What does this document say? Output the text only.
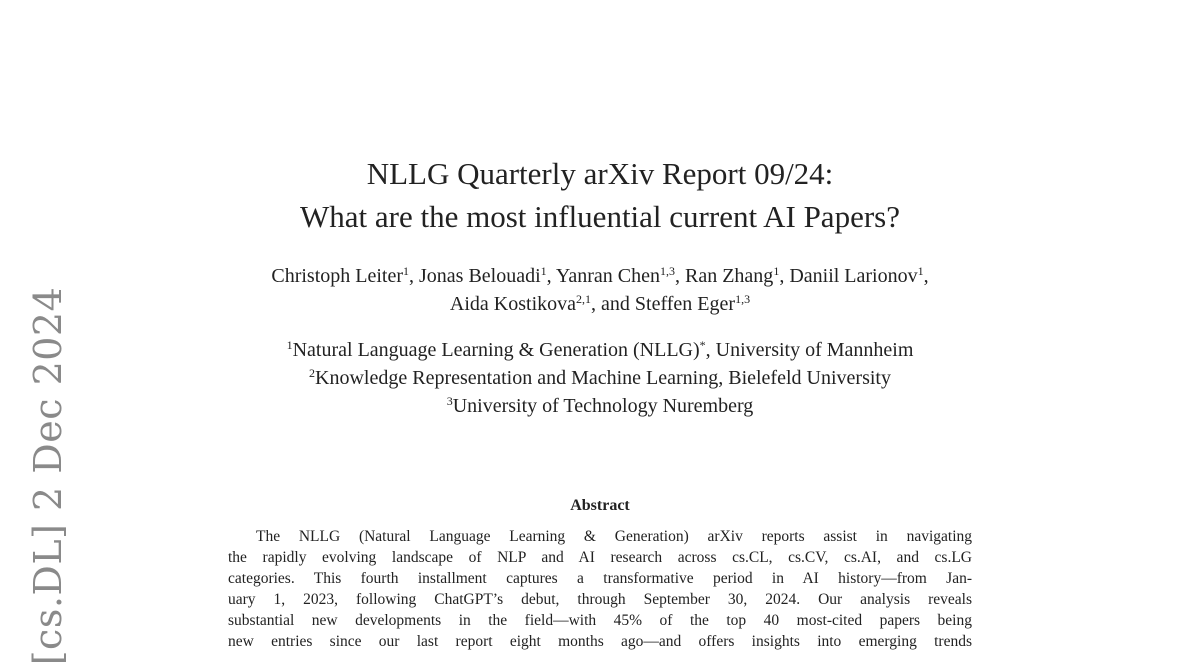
[cs.DL] 2 Dec 2024
NLLG Quarterly arXiv Report 09/24:
What are the most influential current AI Papers?
Christoph Leiter$^1$, Jonas Belouadi$^1$, Yanran Chen$^{1,3}$, Ran Zhang$^1$, Daniil Larionov$^1$,
Aida Kostikova$^{2,1}$, and Steffen Eger$^{1,3}$
$^1$Natural Language Learning & Generation (NLLG)*, University of Mannheim
$^2$Knowledge Representation and Machine Learning, Bielefeld University
$^3$University of Technology Nuremberg
Abstract
The NLLG (Natural Language Learning & Generation) arXiv reports assist in navigating
the rapidly evolving landscape of NLP and AI research across cs.CL, cs.CV, cs.AI, and cs.LG
categories. This fourth installment captures a transformative period in AI history—from Jan-
uary 1, 2023, following ChatGPT’s debut, through September 30, 2024. Our analysis reveals
substantial new developments in the field—with 45% of the top 40 most-cited papers being
new entries since our last report eight months ago—and offers insights into emerging trends
